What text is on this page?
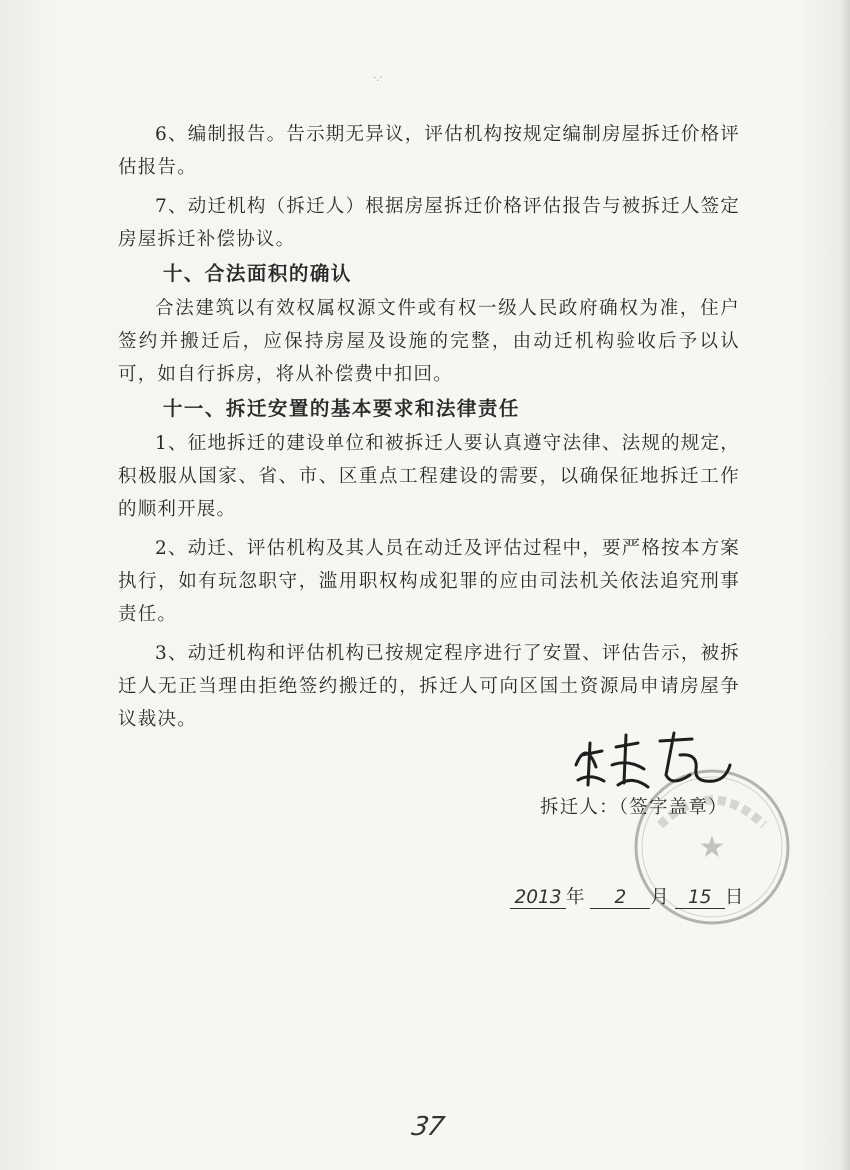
·.·

6、编制报告。告示期无异议，评估机构按规定编制房屋拆迁价格评估报告。

7、动迁机构（拆迁人）根据房屋拆迁价格评估报告与被拆迁人签定房屋拆迁补偿协议。

十、合法面积的确认

合法建筑以有效权属权源文件或有权一级人民政府确权为准，住户签约并搬迁后，应保持房屋及设施的完整，由动迁机构验收后予以认可，如自行拆房，将从补偿费中扣回。

十一、拆迁安置的基本要求和法律责任

1、征地拆迁的建设单位和被拆迁人要认真遵守法律、法规的规定，积极服从国家、省、市、区重点工程建设的需要，以确保征地拆迁工作的顺利开展。

2、动迁、评估机构及其人员在动迁及评估过程中，要严格按本方案执行，如有玩忽职守，滥用职权构成犯罪的应由司法机关依法追究刑事责任。

3、动迁机构和评估机构已按规定程序进行了安置、评估告示，被拆迁人无正当理由拒绝签约搬迁的，拆迁人可向区国土资源局申请房屋争议裁决。

★
拆迁人：（签字盖章）
2013 年 2 月 15 日
37
